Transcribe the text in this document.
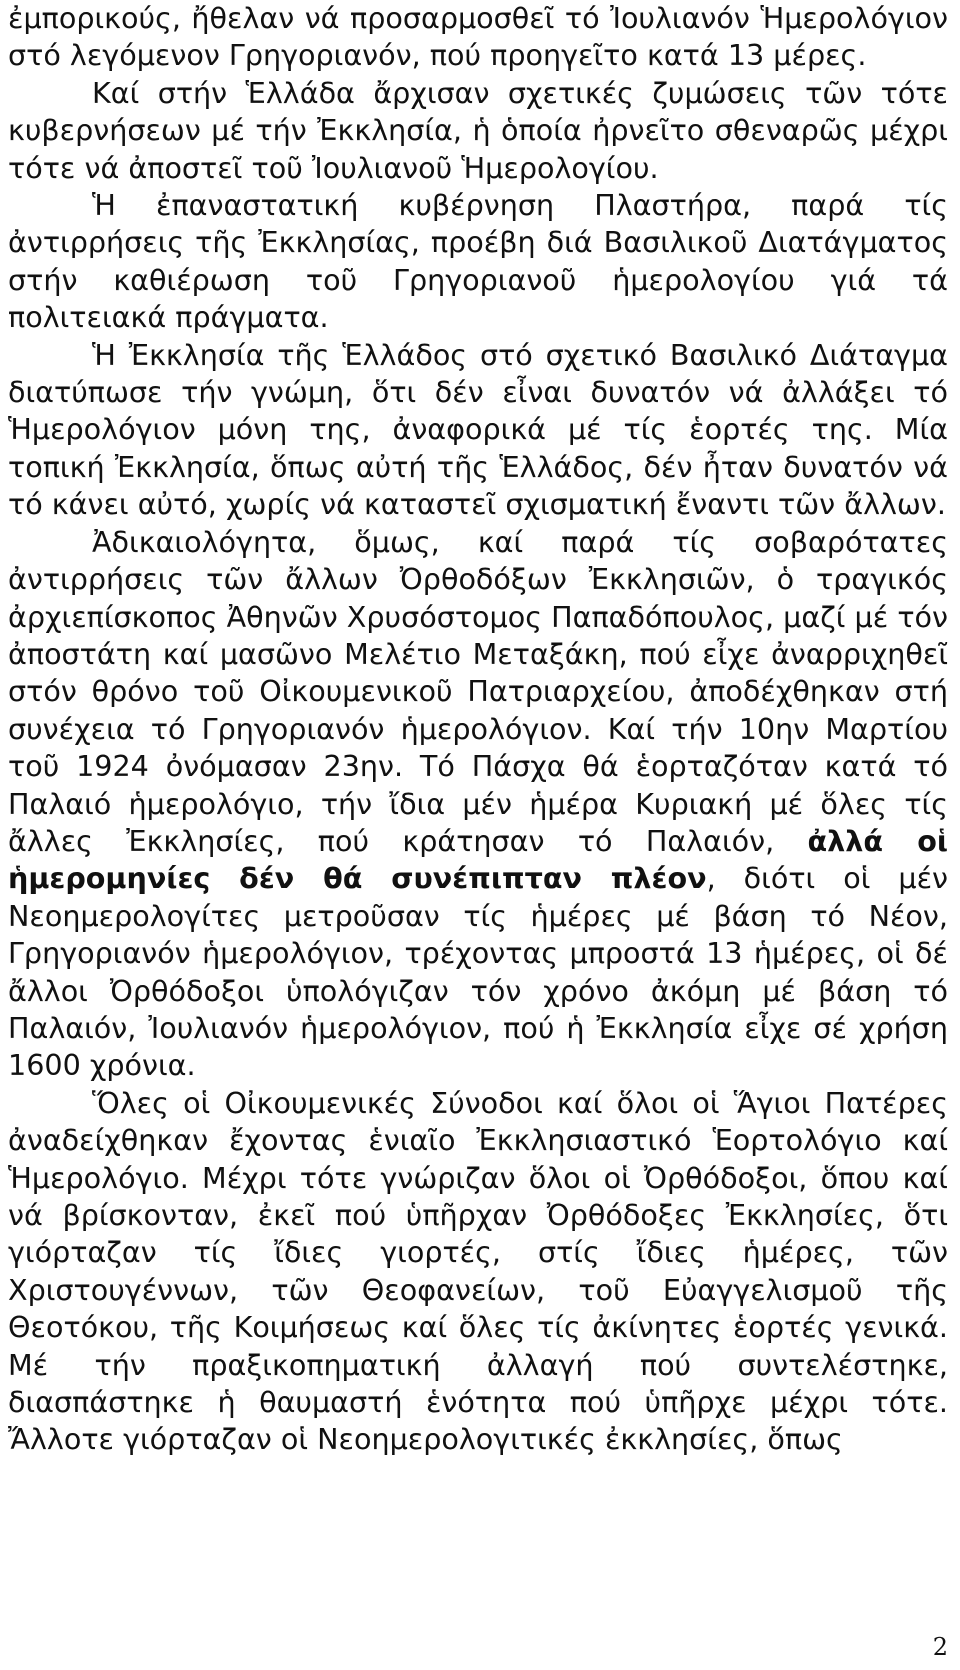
ἐμπορικούς, ἤθελαν νά προσαρμοσθεῖ τό Ἰουλιανόν Ἡμερολόγιον στό λεγόμενον Γρηγοριανόν, πού προηγεῖτο κατά 13 μέρες.

Καί στήν Ἑλλάδα ἄρχισαν σχετικές ζυμώσεις τῶν τότε κυβερνήσεων μέ τήν Ἐκκλησία, ἡ ὁποία ἠρνεῖτο σθεναρῶς μέχρι τότε νά ἀποστεῖ τοῦ Ἰουλιανοῦ Ἡμερολογίου.

Ἡ ἐπαναστατική κυβέρνηση Πλαστήρα, παρά τίς ἀντιρρήσεις τῆς Ἐκκλησίας, προέβη διά Βασιλικοῦ Διατάγματος στήν καθιέρωση τοῦ Γρηγοριανοῦ ἡμερολογίου γιά τά πολιτειακά πράγματα.

Ἡ Ἐκκλησία τῆς Ἑλλάδος στό σχετικό Βασιλικό Διάταγμα διατύπωσε τήν γνώμη, ὅτι δέν εἶναι δυνατόν νά ἀλλάξει τό Ἡμερολόγιον μόνη της, ἀναφορικά μέ τίς ἑορτές της. Μία τοπική Ἐκκλησία, ὅπως αὐτή τῆς Ἑλλάδος, δέν ἦταν δυνατόν νά τό κάνει αὐτό, χωρίς νά καταστεῖ σχισματική ἔναντι τῶν ἄλλων.

Ἀδικαιολόγητα, ὅμως, καί παρά τίς σοβαρότατες ἀντιρρήσεις τῶν ἄλλων Ὀρθοδόξων Ἐκκλησιῶν, ὁ τραγικός ἀρχιεπίσκοπος Ἀθηνῶν Χρυσόστομος Παπαδόπουλος, μαζί μέ τόν ἀποστάτη καί μασῶνο Μελέτιο Μεταξάκη, πού εἶχε ἀναρριχηθεῖ στόν θρόνο τοῦ Οἰκουμενικοῦ Πατριαρχείου, ἀποδέχθηκαν στή συνέχεια τό Γρηγοριανόν ἡμερολόγιον. Καί τήν 10ην Μαρτίου τοῦ 1924 ὀνόμασαν 23ην. Τό Πάσχα θά ἑορταζόταν κατά τό Παλαιό ἡμερολόγιο, τήν ἴδια μέν ἡμέρα Κυριακή μέ ὅλες τίς ἄλλες Ἐκκλησίες, πού κράτησαν τό Παλαιόν, ἀλλά οἱ ἡμερομηνίες δέν θά συνέπιπταν πλέον, διότι οἱ μέν Νεοημερολογίτες μετροῦσαν τίς ἡμέρες μέ βάση τό Νέον, Γρηγοριανόν ἡμερολόγιον, τρέχοντας μπροστά 13 ἡμέρες, οἱ δέ ἄλλοι Ὀρθόδοξοι ὑπολόγιζαν τόν χρόνο ἀκόμη μέ βάση τό Παλαιόν, Ἰουλιανόν ἡμερολόγιον, πού ἡ Ἐκκλησία εἶχε σέ χρήση 1600 χρόνια.

Ὅλες οἱ Οἰκουμενικές Σύνοδοι καί ὅλοι οἱ Ἅγιοι Πατέρες ἀναδείχθηκαν ἔχοντας ἑνιαῖο Ἐκκλησιαστικό Ἑορτολόγιο καί Ἡμερολόγιο. Μέχρι τότε γνώριζαν ὅλοι οἱ Ὀρθόδοξοι, ὅπου καί νά βρίσκονταν, ἐκεῖ πού ὑπῆρχαν Ὀρθόδοξες Ἐκκλησίες, ὅτι γιόρταζαν τίς ἴδιες γιορτές, στίς ἴδιες ἡμέρες, τῶν Χριστουγέννων, τῶν Θεοφανείων, τοῦ Εὐαγγελισμοῦ τῆς Θεοτόκου, τῆς Κοιμήσεως καί ὅλες τίς ἀκίνητες ἑορτές γενικά. Μέ τήν πραξικοπηματική ἀλλαγή πού συντελέστηκε, διασπάστηκε ἡ θαυμαστή ἑνότητα πού ὑπῆρχε μέχρι τότε. Ἄλλοτε γιόρταζαν οἱ Νεοημερολογιτικές ἐκκλησίες, ὅπως

2
